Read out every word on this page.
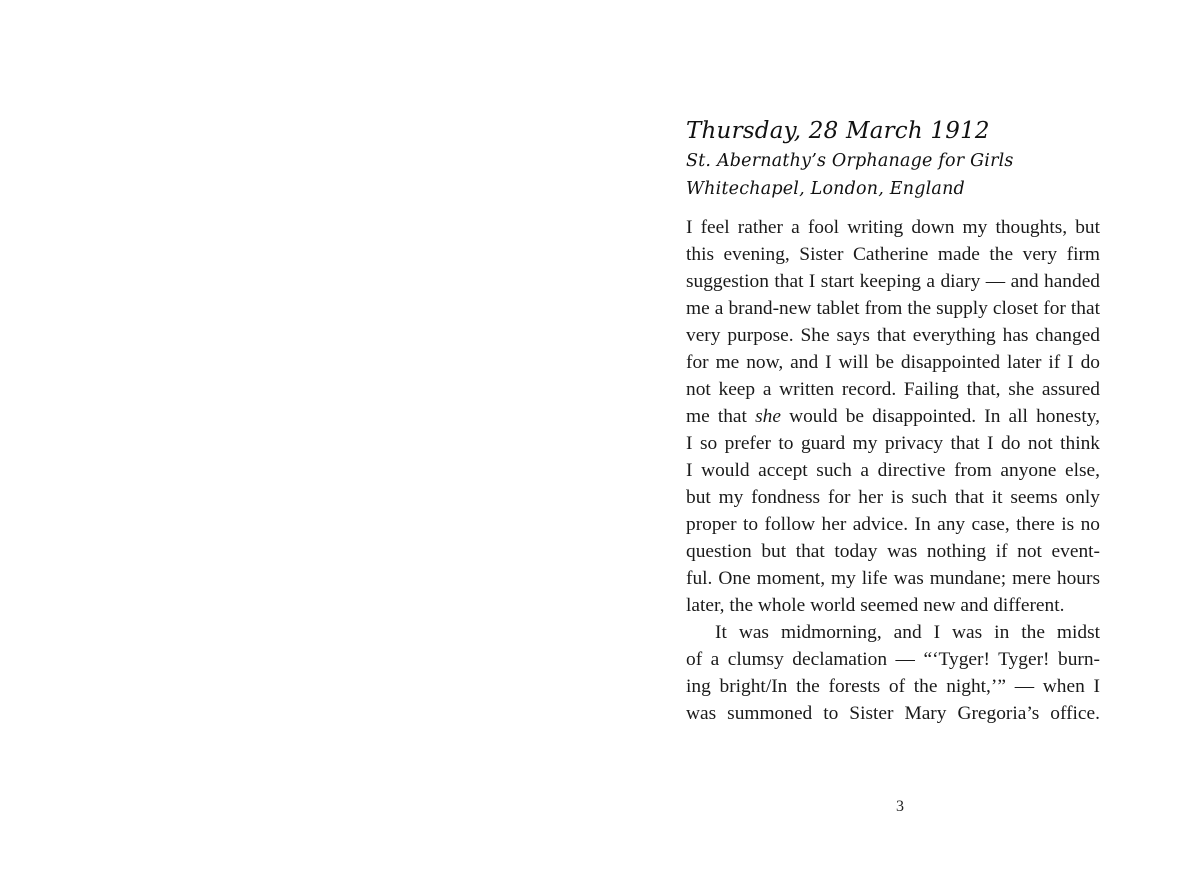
Thursday, 28 March 1912
St. Abernathy’s Orphanage for Girls
Whitechapel, London, England

I feel rather a fool writing down my thoughts, but
this evening, Sister Catherine made the very firm
suggestion that I start keeping a diary — and handed
me a brand-new tablet from the supply closet for that
very purpose. She says that everything has changed
for me now, and I will be disappointed later if I do
not keep a written record. Failing that, she assured
me that she would be disappointed. In all honesty,
I so prefer to guard my privacy that I do not think
I would accept such a directive from anyone else,
but my fondness for her is such that it seems only
proper to follow her advice. In any case, there is no
question but that today was nothing if not event-
ful. One moment, my life was mundane; mere hours
later, the whole world seemed new and different.

It was midmorning, and I was in the midst
of a clumsy declamation — “‘Tyger! Tyger! burn-
ing bright/In the forests of the night,’” — when I
was summoned to Sister Mary Gregoria’s office.

3
